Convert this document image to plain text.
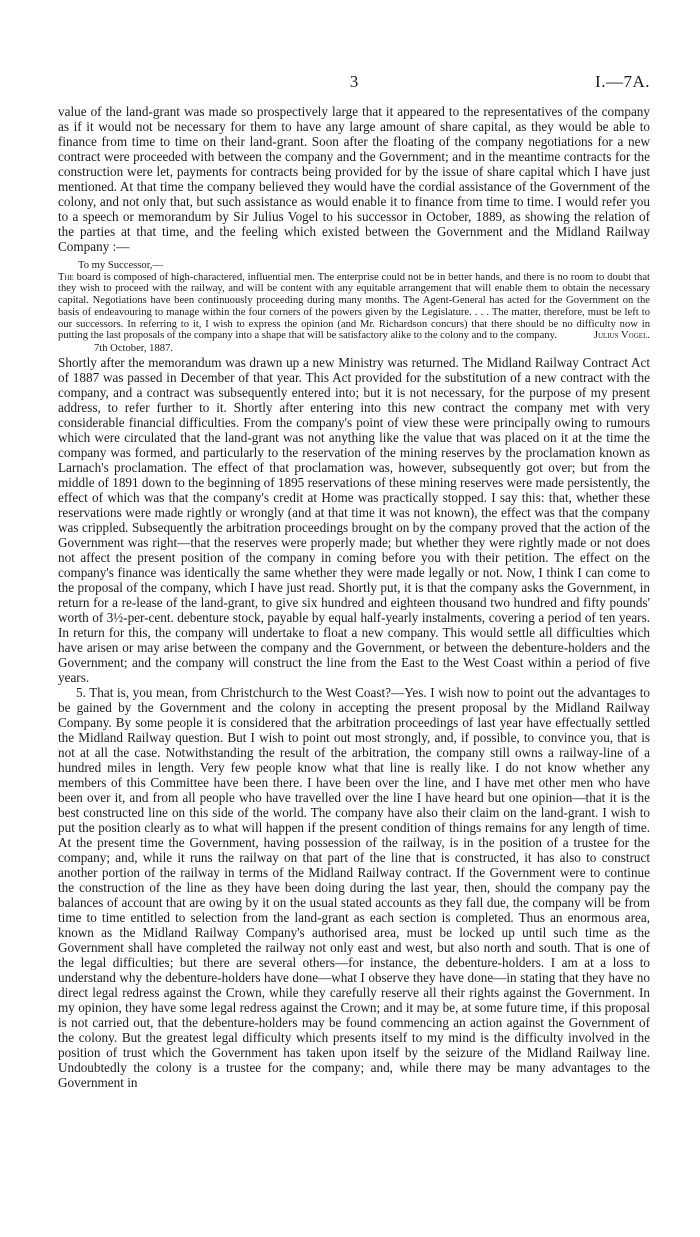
3	I.—7A.

value of the land-grant was made so prospectively large that it appeared to the representatives of the company as if it would not be necessary for them to have any large amount of share capital, as they would be able to finance from time to time on their land-grant. Soon after the floating of the company negotiations for a new contract were proceeded with between the company and the Government; and in the meantime contracts for the construction were let, payments for contracts being provided for by the issue of share capital which I have just mentioned. At that time the company believed they would have the cordial assistance of the Government of the colony, and not only that, but such assistance as would enable it to finance from time to time. I would refer you to a speech or memorandum by Sir Julius Vogel to his successor in October, 1889, as showing the relation of the parties at that time, and the feeling which existed between the Government and the Midland Railway Company :—

To my Successor,—

The board is composed of high-charactered, influential men. The enterprise could not be in better hands, and there is no room to doubt that they wish to proceed with the railway, and will be content with any equitable arrangement that will enable them to obtain the necessary capital. Negotiations have been continuously proceeding during many months. The Agent-General has acted for the Government on the basis of endeavouring to manage within the four corners of the powers given by the Legislature. . . . The matter, therefore, must be left to our successors. In referring to it, I wish to express the opinion (and Mr. Richardson concurs) that there should be no difficulty now in putting the last proposals of the company into a shape that will be satisfactory alike to the colony and to the company.	Julius Vogel.

7th October, 1887.

Shortly after the memorandum was drawn up a new Ministry was returned. The Midland Railway Contract Act of 1887 was passed in December of that year. This Act provided for the substitution of a new contract with the company, and a contract was subsequently entered into; but it is not necessary, for the purpose of my present address, to refer further to it. Shortly after entering into this new contract the company met with very considerable financial difficulties. From the company's point of view these were principally owing to rumours which were circulated that the land-grant was not anything like the value that was placed on it at the time the company was formed, and particularly to the reservation of the mining reserves by the proclamation known as Larnach's proclamation. The effect of that proclamation was, however, subsequently got over; but from the middle of 1891 down to the beginning of 1895 reservations of these mining reserves were made persistently, the effect of which was that the company's credit at Home was practically stopped. I say this: that, whether these reservations were made rightly or wrongly (and at that time it was not known), the effect was that the company was crippled. Subsequently the arbitration proceedings brought on by the company proved that the action of the Government was right—that the reserves were properly made; but whether they were rightly made or not does not affect the present position of the company in coming before you with their petition. The effect on the company's finance was identically the same whether they were made legally or not. Now, I think I can come to the proposal of the company, which I have just read. Shortly put, it is that the company asks the Government, in return for a re-lease of the land-grant, to give six hundred and eighteen thousand two hundred and fifty pounds' worth of 3½-per-cent. debenture stock, payable by equal half-yearly instalments, covering a period of ten years. In return for this, the company will undertake to float a new company. This would settle all difficulties which have arisen or may arise between the company and the Government, or between the debenture-holders and the Government; and the company will construct the line from the East to the West Coast within a period of five years.

5. That is, you mean, from Christchurch to the West Coast?—Yes. I wish now to point out the advantages to be gained by the Government and the colony in accepting the present proposal by the Midland Railway Company. By some people it is considered that the arbitration proceedings of last year have effectually settled the Midland Railway question. But I wish to point out most strongly, and, if possible, to convince you, that is not at all the case. Notwithstanding the result of the arbitration, the company still owns a railway-line of a hundred miles in length. Very few people know what that line is really like. I do not know whether any members of this Committee have been there. I have been over the line, and I have met other men who have been over it, and from all people who have travelled over the line I have heard but one opinion—that it is the best constructed line on this side of the world. The company have also their claim on the land-grant. I wish to put the position clearly as to what will happen if the present condition of things remains for any length of time. At the present time the Government, having possession of the railway, is in the position of a trustee for the company; and, while it runs the railway on that part of the line that is constructed, it has also to construct another portion of the railway in terms of the Midland Railway contract. If the Government were to continue the construction of the line as they have been doing during the last year, then, should the company pay the balances of account that are owing by it on the usual stated accounts as they fall due, the company will be from time to time entitled to selection from the land-grant as each section is completed. Thus an enormous area, known as the Midland Railway Company's authorised area, must be locked up until such time as the Government shall have completed the railway not only east and west, but also north and south. That is one of the legal difficulties; but there are several others—for instance, the debenture-holders. I am at a loss to understand why the debenture-holders have done—what I observe they have done—in stating that they have no direct legal redress against the Crown, while they carefully reserve all their rights against the Government. In my opinion, they have some legal redress against the Crown; and it may be, at some future time, if this proposal is not carried out, that the debenture-holders may be found commencing an action against the Government of the colony. But the greatest legal difficulty which presents itself to my mind is the difficulty involved in the position of trust which the Government has taken upon itself by the seizure of the Midland Railway line. Undoubtedly the colony is a trustee for the company; and, while there may be many advantages to the Government in
